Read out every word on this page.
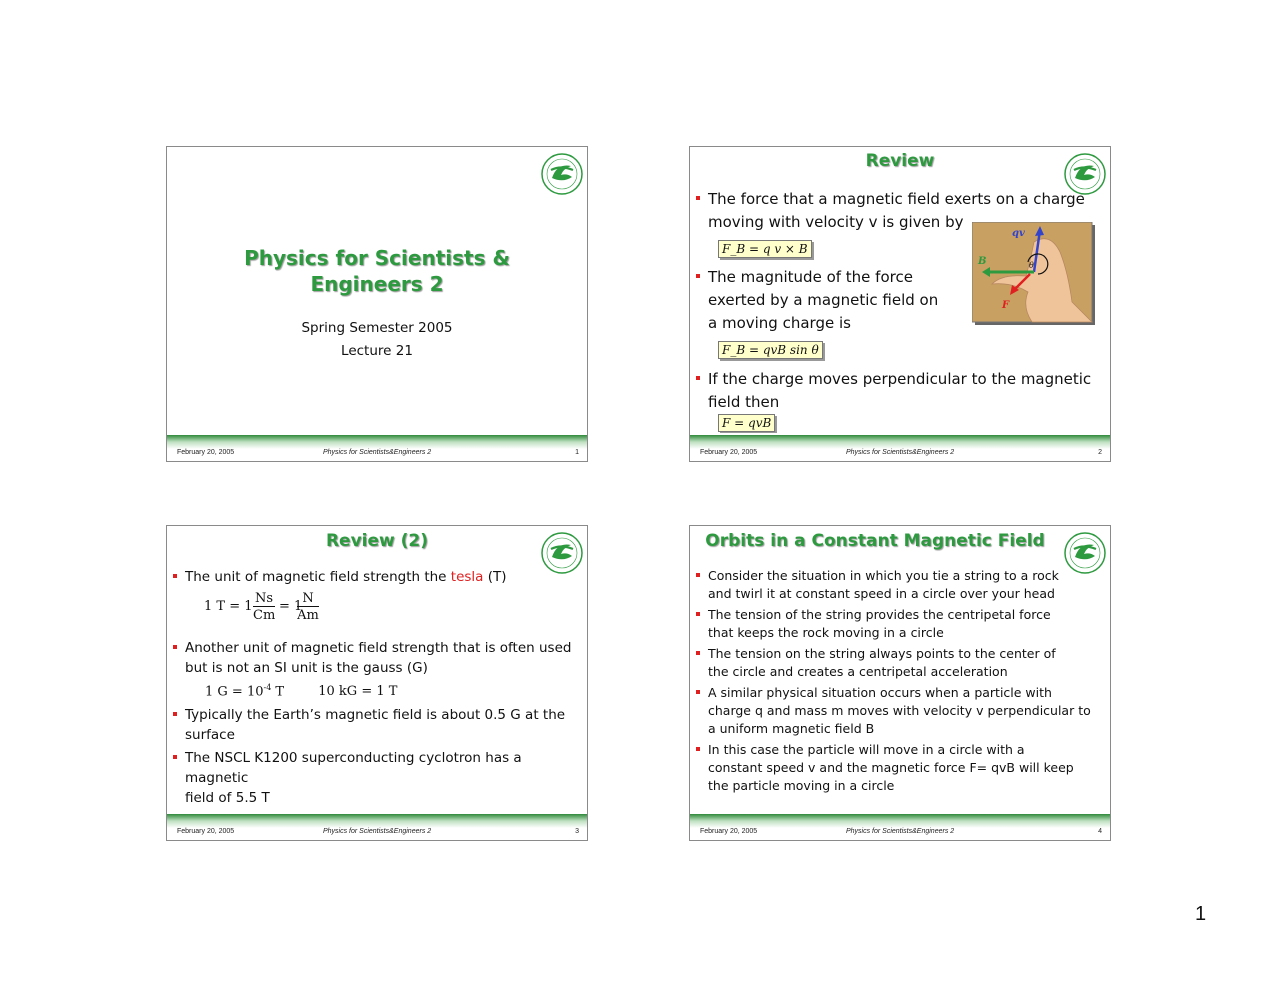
Physics for Scientists &
Engineers 2
Spring Semester 2005
Lecture 21
February 20, 2005	Physics for Scientists&Engineers 2	1
Review
The force that a magnetic field exerts on a charge
moving with velocity v is given by
F_B = q v × B
The magnitude of the force
exerted by a magnetic field on
a moving charge is
F_B = qvB sin θ
If the charge moves perpendicular to the magnetic
field then
F = qvB
qv
B
F
θ
February 20, 2005	Physics for Scientists&Engineers 2	2
Review (2)
The unit of magnetic field strength the tesla (T)
1 T = 1
Ns
Cm
= 1
N
Am
Another unit of magnetic field strength that is often used
but is not an SI unit is the gauss (G)
1 $G = 10^{-4}$ T	10 kG = 1 T
Typically the Earth’s magnetic field is about 0.5 G at the
surface
The NSCL K1200 superconducting cyclotron has a magnetic
field of 5.5 T
February 20, 2005	Physics for Scientists&Engineers 2	3
Orbits in a Constant Magnetic Field
Consider the situation in which you tie a string to a rock
and twirl it at constant speed in a circle over your head
The tension of the string provides the centripetal force
that keeps the rock moving in a circle
The tension on the string always points to the center of
the circle and creates a centripetal acceleration
A similar physical situation occurs when a particle with
charge q and mass m moves with velocity v perpendicular to
a uniform magnetic field B
In this case the particle will move in a circle with a
constant speed v and the magnetic force F= qvB will keep
the particle moving in a circle
February 20, 2005	Physics for Scientists&Engineers 2	4
1
